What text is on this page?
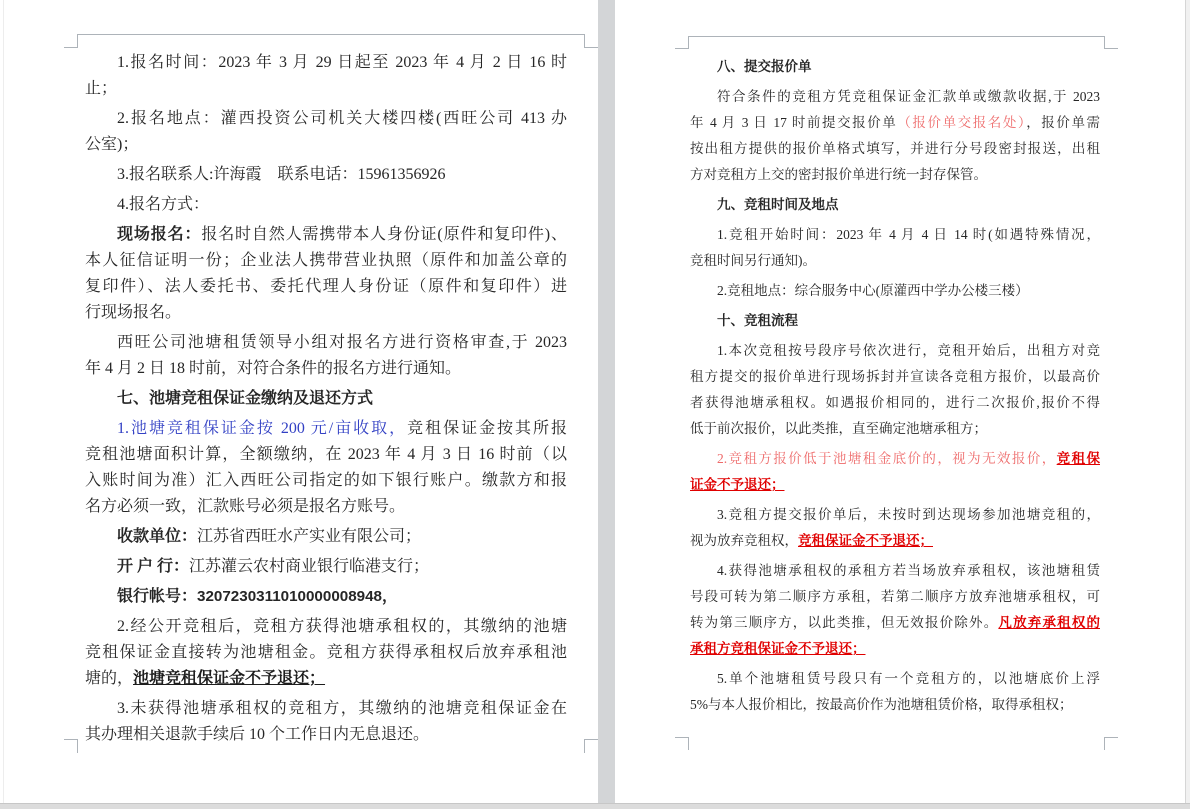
1.报名时间：2023 年 3 月 29 日起至 2023 年 4 月 2 日 16 时
止；
2.报名地点：灌西投资公司机关大楼四楼(西旺公司 413 办
公室)；
3.报名联系人:许海霞　联系电话：15961356926
4.报名方式：
现场报名：报名时自然人需携带本人身份证(原件和复印件)、
本人征信证明一份；企业法人携带营业执照（原件和加盖公章的
复印件）、法人委托书、委托代理人身份证（原件和复印件）进
行现场报名。
西旺公司池塘租赁领导小组对报名方进行资格审查,于 2023
年 4 月 2 日 18 时前，对符合条件的报名方进行通知。
七、池塘竞租保证金缴纳及退还方式
1.池塘竞租保证金按 200 元/亩收取，竞租保证金按其所报
竞租池塘面积计算，全额缴纳，在 2023 年 4 月 3 日 16 时前（以
入账时间为准）汇入西旺公司指定的如下银行账户。缴款方和报
名方必须一致，汇款账号必须是报名方账号。
收款单位：江苏省西旺水产实业有限公司；
开 户 行：江苏灌云农村商业银行临港支行；
银行帐号：3207230311010000008948，
2.经公开竞租后，竞租方获得池塘承租权的，其缴纳的池塘
竞租保证金直接转为池塘租金。竞租方获得承租权后放弃承租池
塘的，池塘竞租保证金不予退还；
3.未获得池塘承租权的竞租方，其缴纳的池塘竞租保证金在
其办理相关退款手续后 10 个工作日内无息退还。
八、提交报价单
符合条件的竞租方凭竞租保证金汇款单或缴款收据,于 2023
年 4 月 3 日 17 时前提交报价单（报价单交报名处），报价单需
按出租方提供的报价单格式填写，并进行分号段密封报送，出租
方对竞租方上交的密封报价单进行统一封存保管。
九、竞租时间及地点
1.竞租开始时间：2023 年 4 月 4 日 14 时(如遇特殊情况，
竞租时间另行通知)。
2.竞租地点：综合服务中心(原灌西中学办公楼三楼）
十、竞租流程
1.本次竞租按号段序号依次进行，竞租开始后，出租方对竞
租方提交的报价单进行现场拆封并宣读各竞租方报价，以最高价
者获得池塘承租权。如遇报价相同的，进行二次报价,报价不得
低于前次报价，以此类推，直至确定池塘承租方；
2.竞租方报价低于池塘租金底价的，视为无效报价，竞租保
证金不予退还；
3.竞租方提交报价单后，未按时到达现场参加池塘竞租的，
视为放弃竞租权，竞租保证金不予退还；
4.获得池塘承租权的承租方若当场放弃承租权，该池塘租赁
号段可转为第二顺序方承租，若第二顺序方放弃池塘承租权，可
转为第三顺序方，以此类推，但无效报价除外。凡放弃承租权的
承租方竞租保证金不予退还；
5.单个池塘租赁号段只有一个竞租方的，以池塘底价上浮
5%与本人报价相比，按最高价作为池塘租赁价格，取得承租权；
